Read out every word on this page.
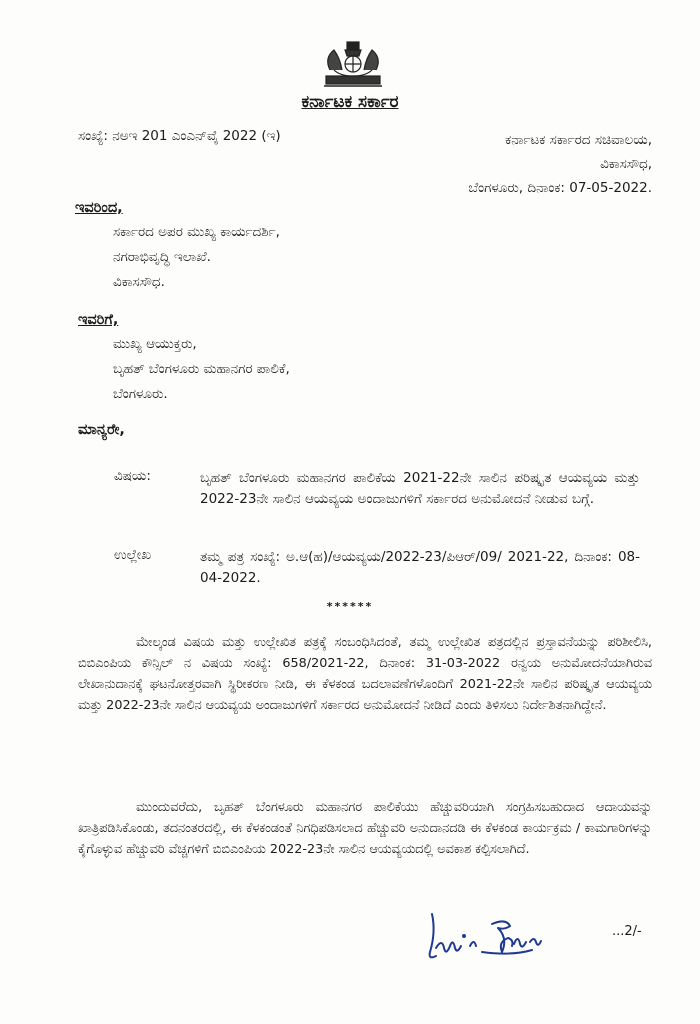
ಕರ್ನಾಟಕ ಸರ್ಕಾರ
ಸಂಖ್ಯೆ: ನಅಇ 201 ಎಂಎನ್‌ವೈ 2022 (ಇ)	ಕರ್ನಾಟಕ ಸರ್ಕಾರದ ಸಚಿವಾಲಯ,
ವಿಕಾಸಸೌಧ,
ಬೆಂಗಳೂರು, ದಿನಾಂಕ: 07-05-2022.
ಇವರಿಂದ,
ಸರ್ಕಾರದ ಅಪರ ಮುಖ್ಯ ಕಾರ್ಯದರ್ಶಿ,
ನಗರಾಭಿವೃದ್ಧಿ ಇಲಾಖೆ.
ವಿಕಾಸಸೌಧ.
ಇವರಿಗೆ,
ಮುಖ್ಯ ಆಯುಕ್ತರು,
ಬೃಹತ್ ಬೆಂಗಳೂರು ಮಹಾನಗರ ಪಾಲಿಕೆ,
ಬೆಂಗಳೂರು.
ಮಾನ್ಯರೇ,
ವಿಷಯ:	ಬೃಹತ್ ಬೆಂಗಳೂರು ಮಹಾನಗರ ಪಾಲಿಕೆಯ 2021-22ನೇ ಸಾಲಿನ ಪರಿಷ್ಕೃತ ಆಯವ್ಯಯ ಮತ್ತು 2022-23ನೇ ಸಾಲಿನ ಆಯವ್ಯಯ ಅಂದಾಜುಗಳಿಗೆ ಸರ್ಕಾರದ ಅನುಮೋದನೆ ನೀಡುವ ಬಗ್ಗೆ.
ಉಲ್ಲೇಖ	ತಮ್ಮ ಪತ್ರ ಸಂಖ್ಯೆ: ಅ.ಆ(ಹ)/ಆಯವ್ಯಯ/2022-23/ಪಿಆರ್/09/ 2021-22, ದಿನಾಂಕ: 08-04-2022.
******
ಮೇಲ್ಕಂಡ ವಿಷಯ ಮತ್ತು ಉಲ್ಲೇಖಿತ ಪತ್ರಕ್ಕೆ ಸಂಬಂಧಿಸಿದಂತೆ, ತಮ್ಮ ಉಲ್ಲೇಖಿತ ಪತ್ರದಲ್ಲಿನ ಪ್ರಸ್ತಾವನೆಯನ್ನು ಪರಿಶೀಲಿಸಿ, ಬಿಬಿಎಂಪಿಯ ಕೌನ್ಸಿಲ್ ನ ವಿಷಯ ಸಂಖ್ಯೆ: 658/2021-22, ದಿನಾಂಕ: 31-03-2022 ರನ್ವಯ ಅನುಮೋದನೆಯಾಗಿರುವ ಲೇಖಾನುದಾನಕ್ಕೆ ಘಟನೋತ್ತರವಾಗಿ ಸ್ಥಿರೀಕರಣ ನೀಡಿ, ಈ ಕೆಳಕಂಡ ಬದಲಾವಣೆಗಳೊಂದಿಗೆ 2021-22ನೇ ಸಾಲಿನ ಪರಿಷ್ಕೃತ ಆಯವ್ಯಯ ಮತ್ತು 2022-23ನೇ ಸಾಲಿನ ಆಯವ್ಯಯ ಅಂದಾಜುಗಳಿಗೆ ಸರ್ಕಾರದ ಅನುಮೋದನೆ ನೀಡಿದೆ ಎಂದು ತಿಳಿಸಲು ನಿರ್ದೇಶಿತನಾಗಿದ್ದೇನೆ.
ಮುಂದುವರೆದು, ಬೃಹತ್ ಬೆಂಗಳೂರು ಮಹಾನಗರ ಪಾಲಿಕೆಯು ಹೆಚ್ಚುವರಿಯಾಗಿ ಸಂಗ್ರಹಿಸಬಹುದಾದ ಆದಾಯವನ್ನು ಖಾತ್ರಿಪಡಿಸಿಕೊಂಡು, ತದನಂತರದಲ್ಲಿ, ಈ ಕೆಳಕಂಡಂತೆ ನಿಗಧಿಪಡಿಸಲಾದ ಹೆಚ್ಚುವರಿ ಅನುದಾನದಡಿ ಈ ಕೆಳಕಂಡ ಕಾರ್ಯಕ್ರಮ / ಕಾಮಗಾರಿಗಳನ್ನು ಕೈಗೊಳ್ಳುವ ಹೆಚ್ಚುವರಿ ವೆಚ್ಚಗಳಿಗೆ ಬಿಬಿಎಂಪಿಯ 2022-23ನೇ ಸಾಲಿನ ಆಯವ್ಯಯದಲ್ಲಿ ಅವಕಾಶ ಕಲ್ಪಿಸಲಾಗಿದೆ.
...2/-
